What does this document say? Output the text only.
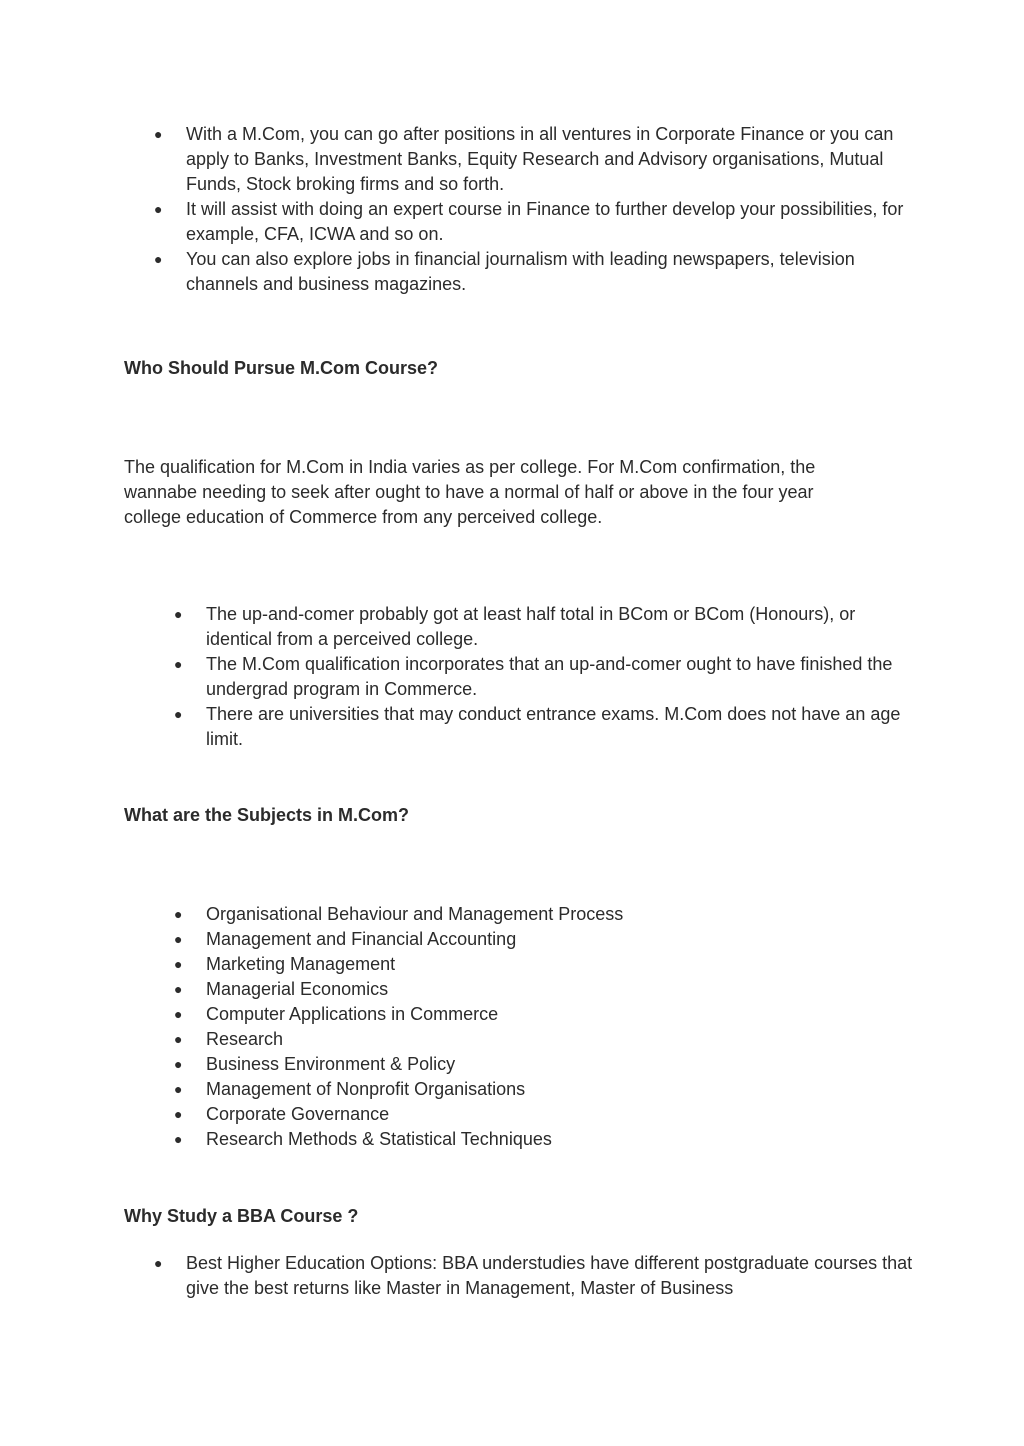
● With a M.Com, you can go after positions in all ventures in Corporate Finance or you can apply to Banks, Investment Banks, Equity Research and Advisory organisations, Mutual Funds, Stock broking firms and so forth.
● It will assist with doing an expert course in Finance to further develop your possibilities, for example, CFA, ICWA and so on.
● You can also explore jobs in financial journalism with leading newspapers, television channels and business magazines.
Who Should Pursue M.Com Course?
The qualification for M.Com in India varies as per college. For M.Com confirmation, the wannabe needing to seek after ought to have a normal of half or above in the four year college education of Commerce from any perceived college.
● The up-and-comer probably got at least half total in BCom or BCom (Honours), or identical from a perceived college.
● The M.Com qualification incorporates that an up-and-comer ought to have finished the undergrad program in Commerce.
● There are universities that may conduct entrance exams. M.Com does not have an age limit.
What are the Subjects in M.Com?
● Organisational Behaviour and Management Process
● Management and Financial Accounting
● Marketing Management
● Managerial Economics
● Computer Applications in Commerce
● Research
● Business Environment & Policy
● Management of Nonprofit Organisations
● Corporate Governance
● Research Methods & Statistical Techniques
Why Study a BBA Course ?
● Best Higher Education Options: BBA understudies have different postgraduate courses that give the best returns like Master in Management, Master of Business
